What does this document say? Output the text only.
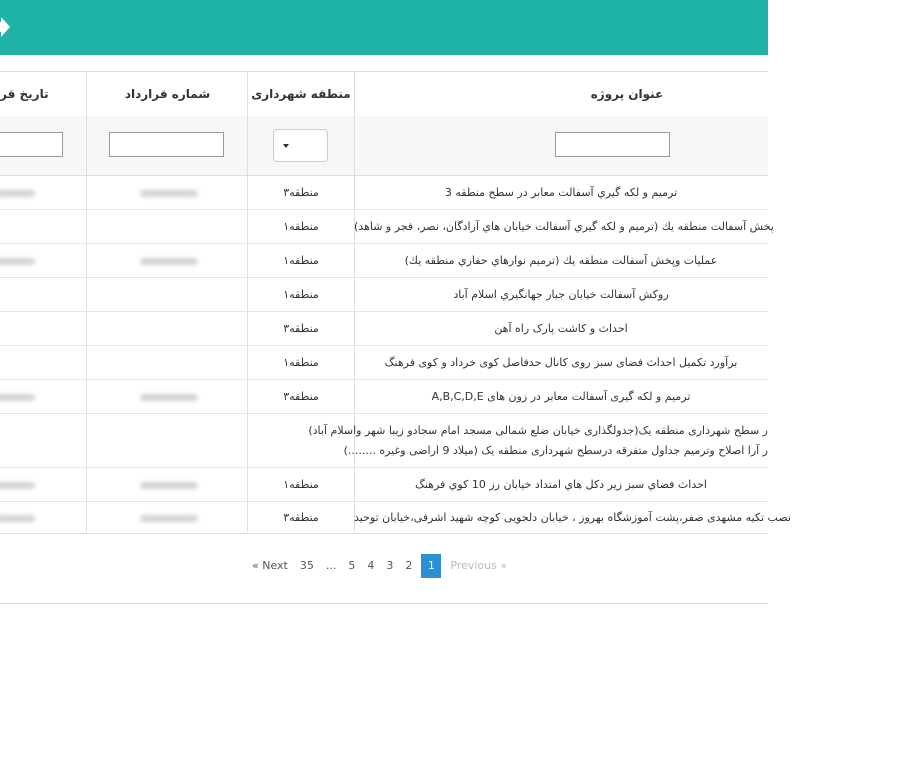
تاریخ قر	شماره قرارداد	منطقه شهرداری	عنوان پروژه
منطقه۳	ترميم و لکه گيري آسفالت معابر در سطح منطقه 3
منطقه۱	پخش آسفالت منطقه يك (ترميم و لکه گيري آسفالت خيابان هاي آزادگان، نصر، فجر و شاهد)
منطقه۱	عمليات وپخش آسفالت منطقه يك (ترميم نوارهاي حفاري منطقه يك)
منطقه۱	روكش آسفالت خيابان جبار جهانگيري اسلام آباد
منطقه۳	احداث و کاشت پارک راه آهن
منطقه۱	برآورد تکمیل احداث فضای سبز روی کانال حدفاصل کوی خرداد و کوی فرهنگ
منطقه۳	ترمیم و لکه گیری آسفالت معابر در زون های A,B,C,D,E
ر سطح شهرداری منطقه یک(جدولگذاری خیابان ضلع شمالی مسجد امام سجادو زیبا شهر واسلام آباد)
ر آرا اصلاح وترمیم جداول متفرقه درسطح شهرداری منطقه یک (میلاد 9 اراضی وغیره ........)
منطقه۱	احداث فضاي سبز زير دكل هاي امتداد خيابان رز 10 كوي فرهنگ
منطقه۳	نصب تکیه مشهدی صفر،پشت آموزشگاه بهروز ، خیابان دلجویی کوچه شهید اشرفی،خیابان توحید
« Next	35	...	5	4	3	2	1	Previous »
